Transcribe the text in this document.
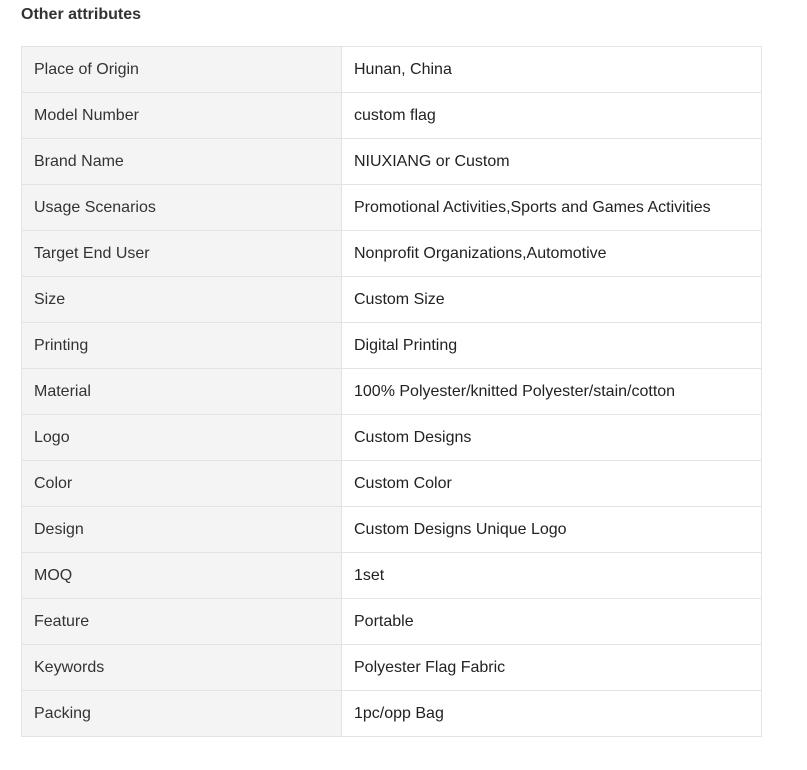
Other attributes
Place of Origin	Hunan, China
Model Number	custom flag
Brand Name	NIUXIANG or Custom
Usage Scenarios	Promotional Activities,Sports and Games Activities
Target End User	Nonprofit Organizations,Automotive
Size	Custom Size
Printing	Digital Printing
Material	100% Polyester/knitted Polyester/stain/cotton
Logo	Custom Designs
Color	Custom Color
Design	Custom Designs Unique Logo
MOQ	1set
Feature	Portable
Keywords	Polyester Flag Fabric
Packing	1pc/opp Bag
